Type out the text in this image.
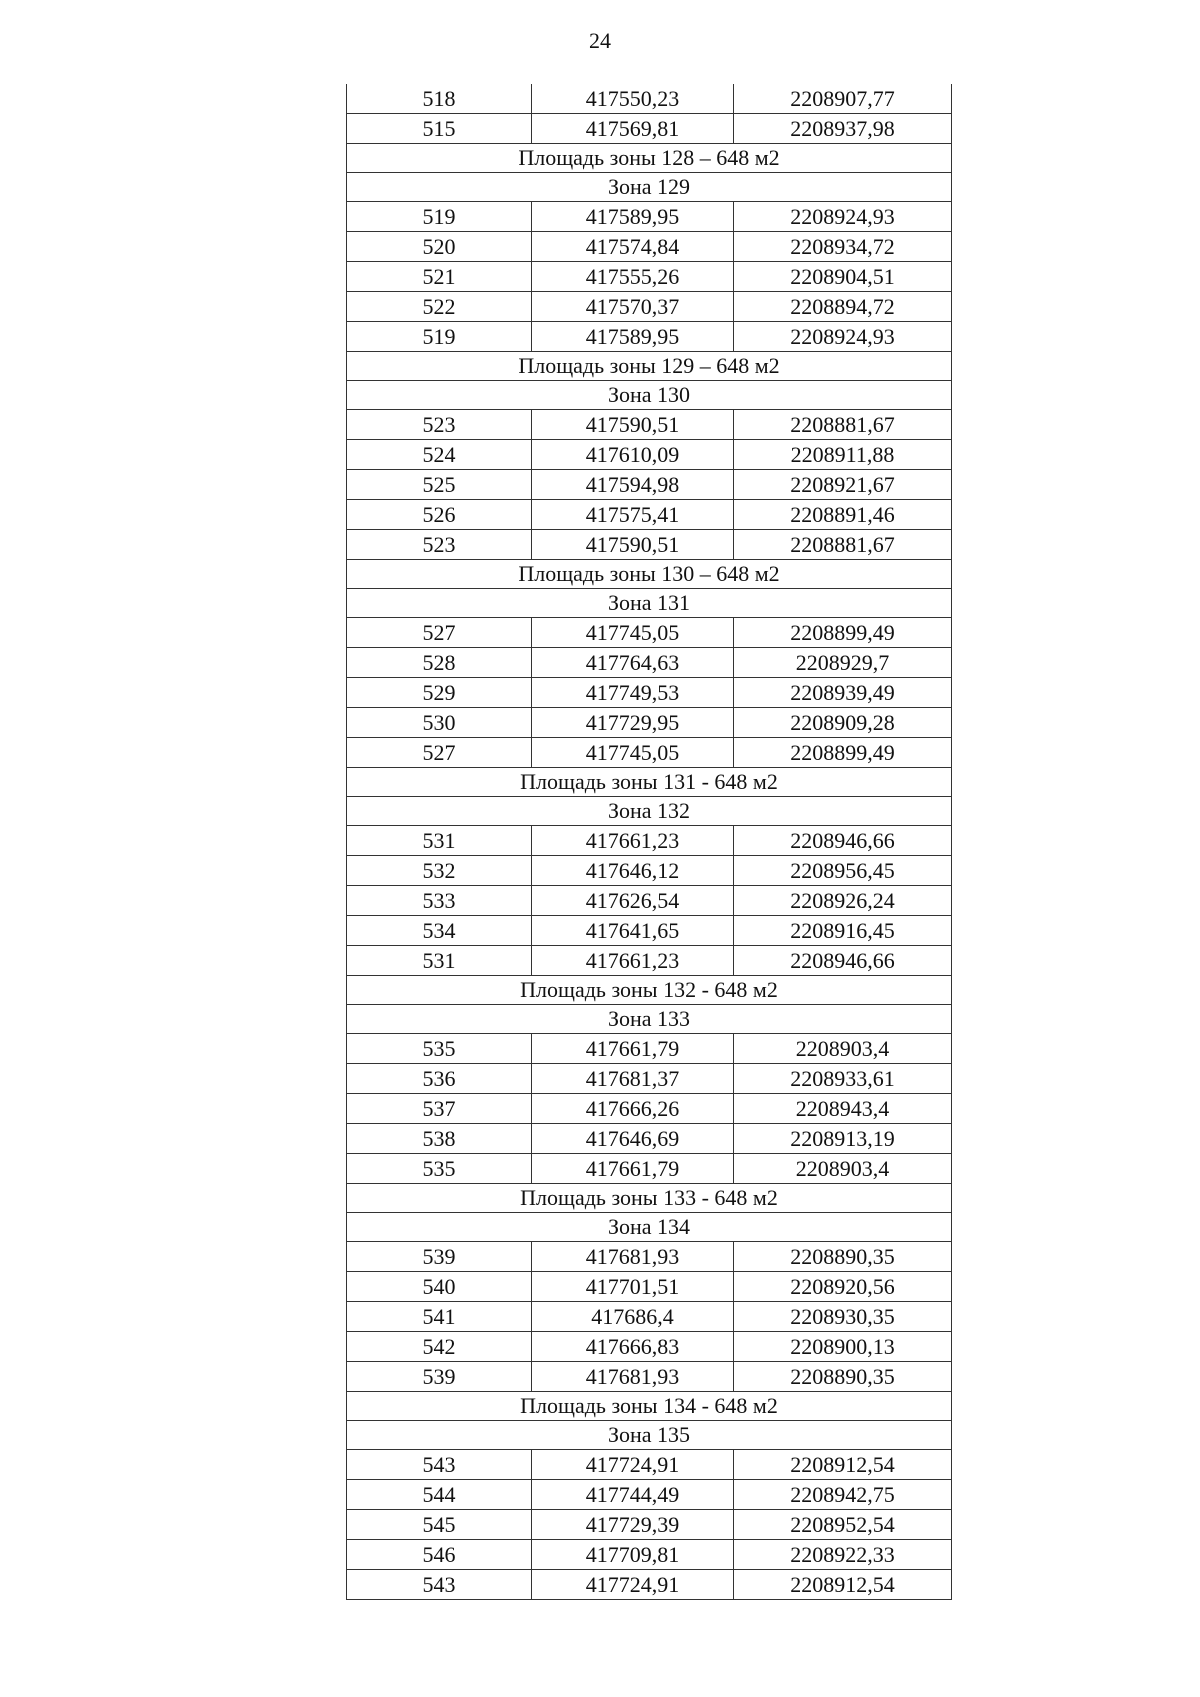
24
518	417550,23	2208907,77
515	417569,81	2208937,98
Площадь зоны 128 – 648 м2		
Зона 129		
519	417589,95	2208924,93
520	417574,84	2208934,72
521	417555,26	2208904,51
522	417570,37	2208894,72
519	417589,95	2208924,93
Площадь зоны 129 – 648 м2		
Зона 130		
523	417590,51	2208881,67
524	417610,09	2208911,88
525	417594,98	2208921,67
526	417575,41	2208891,46
523	417590,51	2208881,67
Площадь зоны 130 – 648 м2		
Зона 131		
527	417745,05	2208899,49
528	417764,63	2208929,7
529	417749,53	2208939,49
530	417729,95	2208909,28
527	417745,05	2208899,49
Площадь зоны 131 - 648 м2		
Зона 132		
531	417661,23	2208946,66
532	417646,12	2208956,45
533	417626,54	2208926,24
534	417641,65	2208916,45
531	417661,23	2208946,66
Площадь зоны 132 - 648 м2		
Зона 133		
535	417661,79	2208903,4
536	417681,37	2208933,61
537	417666,26	2208943,4
538	417646,69	2208913,19
535	417661,79	2208903,4
Площадь зоны 133 - 648 м2		
Зона 134		
539	417681,93	2208890,35
540	417701,51	2208920,56
541	417686,4	2208930,35
542	417666,83	2208900,13
539	417681,93	2208890,35
Площадь зоны 134 - 648 м2		
Зона 135		
543	417724,91	2208912,54
544	417744,49	2208942,75
545	417729,39	2208952,54
546	417709,81	2208922,33
543	417724,91	2208912,54
